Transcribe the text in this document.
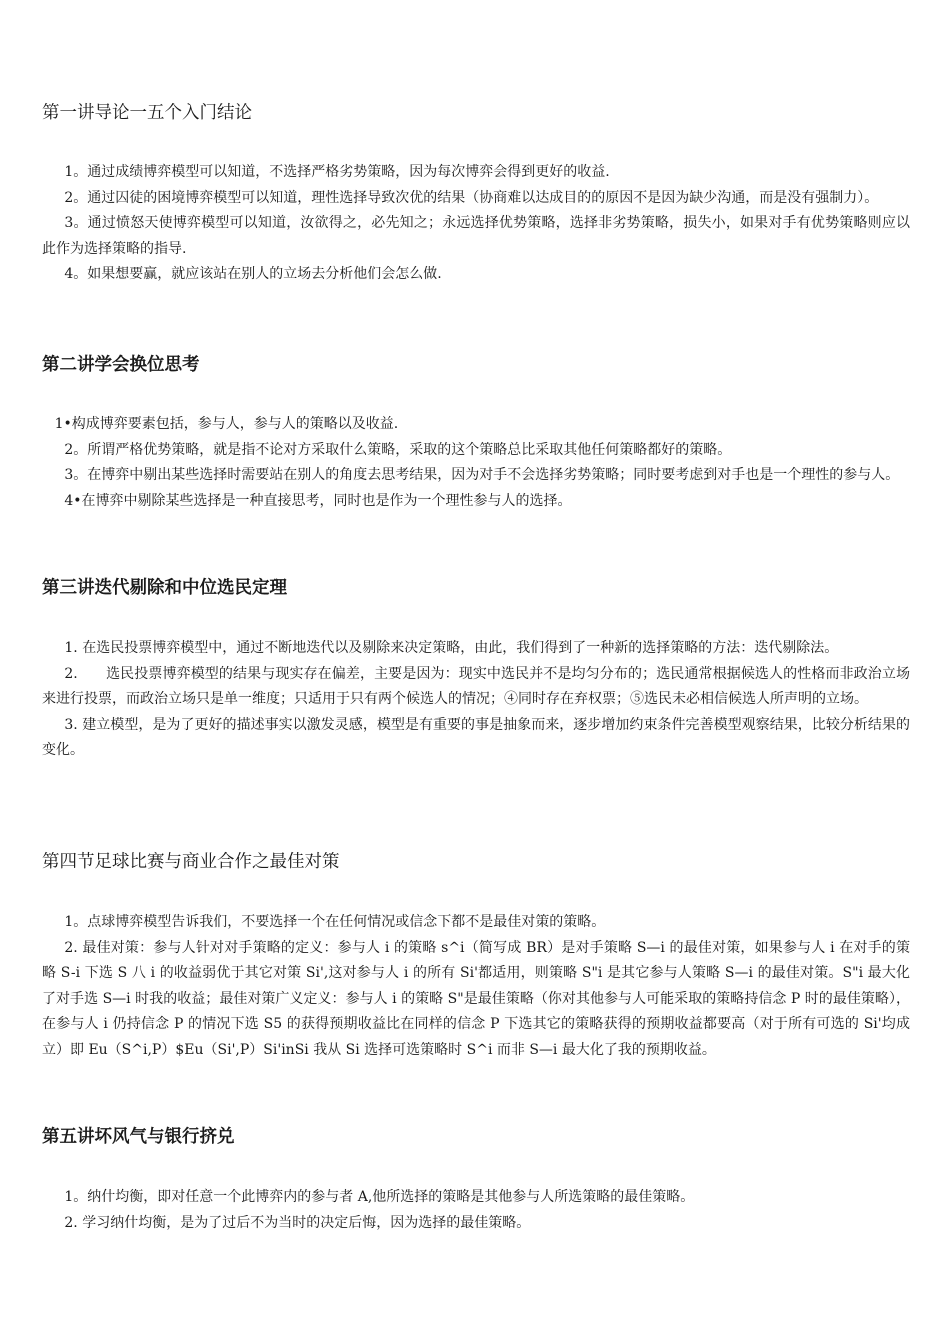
第一讲导论一五个入门结论

1。通过成绩博弈模型可以知道，不选择严格劣势策略，因为每次博弈会得到更好的收益.

2。通过囚徒的困境博弈模型可以知道，理性选择导致次优的结果（协商难以达成目的的原因不是因为缺少沟通，而是没有强制力）。

3。通过愤怒天使博弈模型可以知道，汝欲得之，必先知之；永远选择优势策略，选择非劣势策略，损失小，如果对手有优势策略则应以此作为选择策略的指导.

4。如果想要赢，就应该站在别人的立场去分析他们会怎么做.

第二讲学会换位思考

1•构成博弈要素包括，参与人，参与人的策略以及收益.

2。所谓严格优势策略，就是指不论对方采取什么策略，采取的这个策略总比采取其他任何策略都好的策略。

3。在博弈中剔出某些选择时需要站在别人的角度去思考结果，因为对手不会选择劣势策略；同时要考虑到对手也是一个理性的参与人。

4•在博弈中剔除某些选择是一种直接思考，同时也是作为一个理性参与人的选择。

第三讲迭代剔除和中位选民定理

1. 在选民投票博弈模型中，通过不断地迭代以及剔除来决定策略，由此，我们得到了一种新的选择策略的方法：迭代剔除法。

2.　　选民投票博弈模型的结果与现实存在偏差，主要是因为：现实中选民并不是均匀分布的；选民通常根据候选人的性格而非政治立场来进行投票，而政治立场只是单一维度；只适用于只有两个候选人的情况；④同时存在弃权票；⑤选民未必相信候选人所声明的立场。

3. 建立模型，是为了更好的描述事实以激发灵感，模型是有重要的事是抽象而来，逐步增加约束条件完善模型观察结果，比较分析结果的变化。

第四节足球比赛与商业合作之最佳对策

1。点球博弈模型告诉我们，不要选择一个在任何情况或信念下都不是最佳对策的策略。

2. 最佳对策：参与人针对对手策略的定义：参与人 i 的策略 s^i（简写成 BR）是对手策略 S—i 的最佳对策，如果参与人 i 在对手的策略 S-i 下选 S 八 i 的收益弱优于其它对策 Si',这对参与人 i 的所有 Si'都适用，则策略 S"i 是其它参与人策略 S—i 的最佳对策。S"i 最大化了对手选 S—i 时我的收益；最佳对策广义定义：参与人 i 的策略 S"是最佳策略（你对其他参与人可能采取的策略持信念 P 时的最佳策略），在参与人 i 仍持信念 P 的情况下选 S5 的获得预期收益比在同样的信念 P 下选其它的策略获得的预期收益都要高（对于所有可选的 Si'均成立）即 Eu（S^i,P）$Eu（Si',P）Si'inSi 我从 Si 选择可选策略时 S^i 而非 S—i 最大化了我的预期收益。

第五讲坏风气与银行挤兑

1。纳什均衡，即对任意一个此博弈内的参与者 A,他所选择的策略是其他参与人所选策略的最佳策略。

2. 学习纳什均衡，是为了过后不为当时的决定后悔，因为选择的最佳策略。
